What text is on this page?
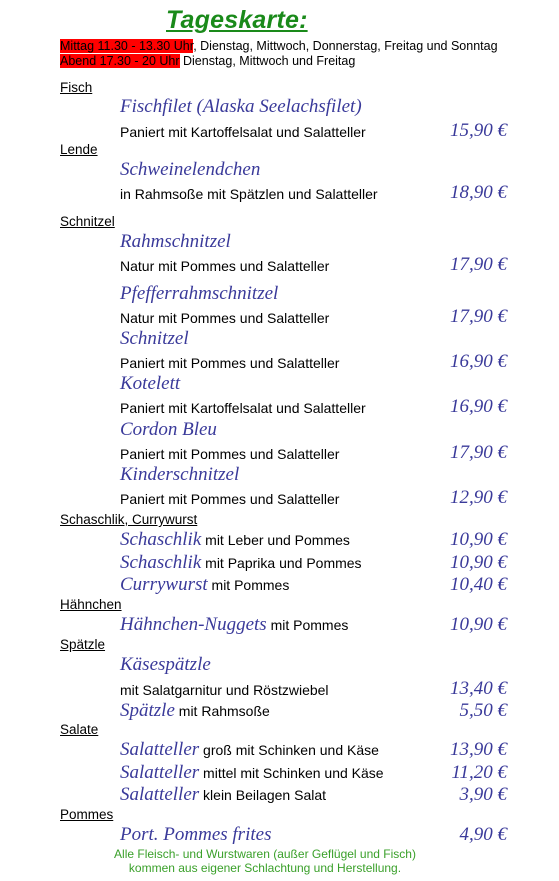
Tageskarte:
Mittag 11.30 - 13.30 Uhr, Dienstag, Mittwoch, Donnerstag, Freitag und Sonntag
Abend 17.30 - 20 Uhr Dienstag, Mittwoch und Freitag
Fisch
Fischfilet (Alaska Seelachsfilet)
Paniert mit Kartoffelsalat und Salatteller	15,90 €
Lende
Schweinelendchen
in Rahmsoße mit Spätzlen und Salatteller	18,90 €
Schnitzel
Rahmschnitzel
Natur mit Pommes und Salatteller	17,90 €
Pfefferrahmschnitzel
Natur mit Pommes und Salatteller	17,90 €
Schnitzel
Paniert mit Pommes und Salatteller	16,90 €
Kotelett
Paniert mit Kartoffelsalat und Salatteller	16,90 €
Cordon Bleu
Paniert mit Pommes und Salatteller	17,90 €
Kinderschnitzel
Paniert mit Pommes und Salatteller	12,90 €
Schaschlik, Currywurst
Schaschlik mit Leber und Pommes	10,90 €
Schaschlik mit Paprika und Pommes	10,90 €
Currywurst mit Pommes	10,40 €
Hähnchen
Hähnchen-Nuggets mit Pommes	10,90 €
Spätzle
Käsespätzle
mit Salatgarnitur und Röstzwiebel	13,40 €
Spätzle mit Rahmsoße	5,50 €
Salate
Salatteller groß mit Schinken und Käse	13,90 €
Salatteller mittel mit Schinken und Käse	11,20 €
Salatteller klein Beilagen Salat	3,90 €
Pommes
Port. Pommes frites	4,90 €
Alle Fleisch- und Wurstwaren (außer Geflügel und Fisch)
kommen aus eigener Schlachtung und Herstellung.
